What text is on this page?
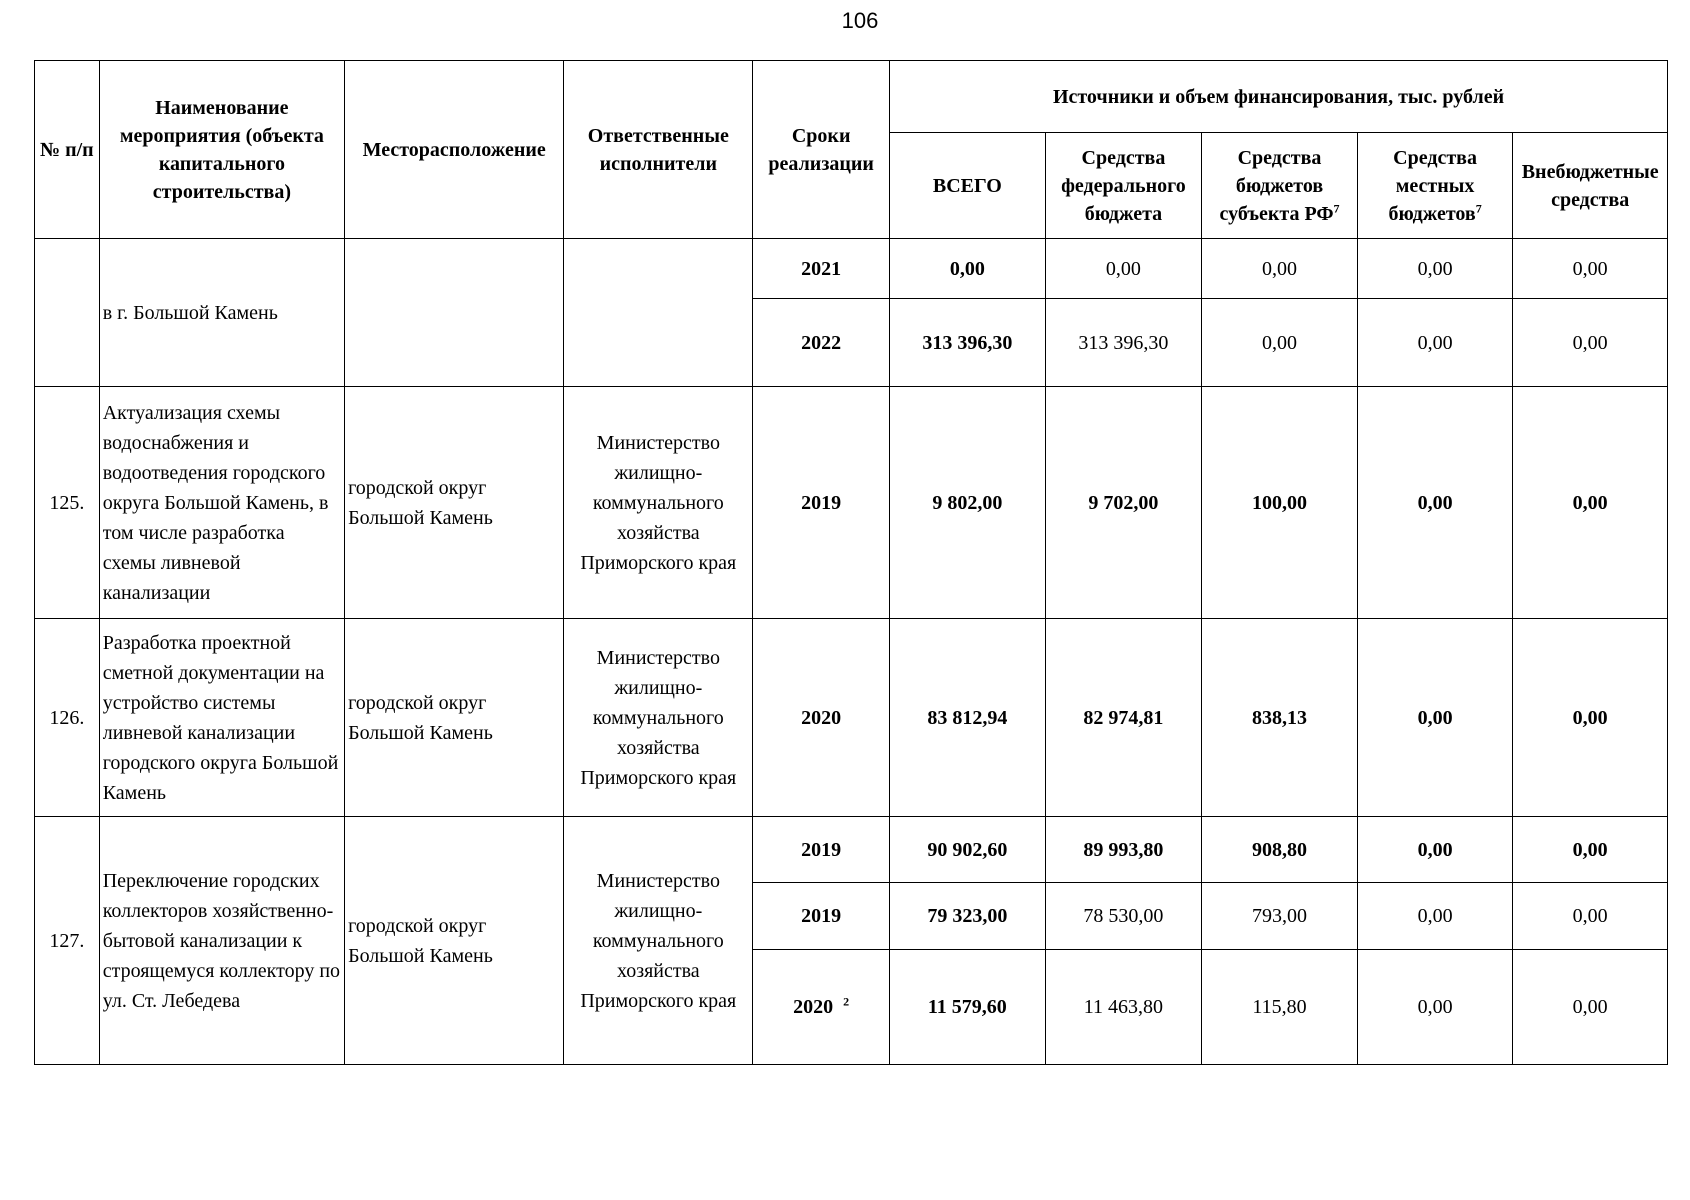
106
№ п/п	Наименование мероприятия (объекта капитального строительства)	Месторасположение	Ответственные исполнители	Сроки реализации	Источники и объем финансирования, тыс. рублей				
					ВСЕГО	Средства федерального бюджета	Средства бюджетов субъекта $РФ^7$	Средства местных бюджетов$^7$	Внебюджетные средства
	в г. Большой Камень			2021	0,00	0,00	0,00	0,00	0,00
				2022	313 396,30	313 396,30	0,00	0,00	0,00
125.	Актуализация схемы водоснабжения и водоотведения городского округа Большой Камень, в том числе разработка схемы ливневой канализации	городской округ Большой Камень	Министерство жилищно-коммунального хозяйства Приморского края	2019	9 802,00	9 702,00	100,00	0,00	0,00
126.	Разработка проектной сметной документации на устройство системы ливневой канализации городского округа Большой Камень	городской округ Большой Камень	Министерство жилищно-коммунального хозяйства Приморского края	2020	83 812,94	82 974,81	838,13	0,00	0,00
127.	Переключение городских коллекторов хозяйственно-бытовой канализации к строящемуся коллектору по ул. Ст. Лебедева	городской округ Большой Камень	Министерство жилищно-коммунального хозяйства Приморского края	2019	90 902,60	89 993,80	908,80	0,00	0,00
				2019	79 323,00	78 530,00	793,00	0,00	0,00
				2020 $^2$	11 579,60	11 463,80	115,80	0,00	0,00
